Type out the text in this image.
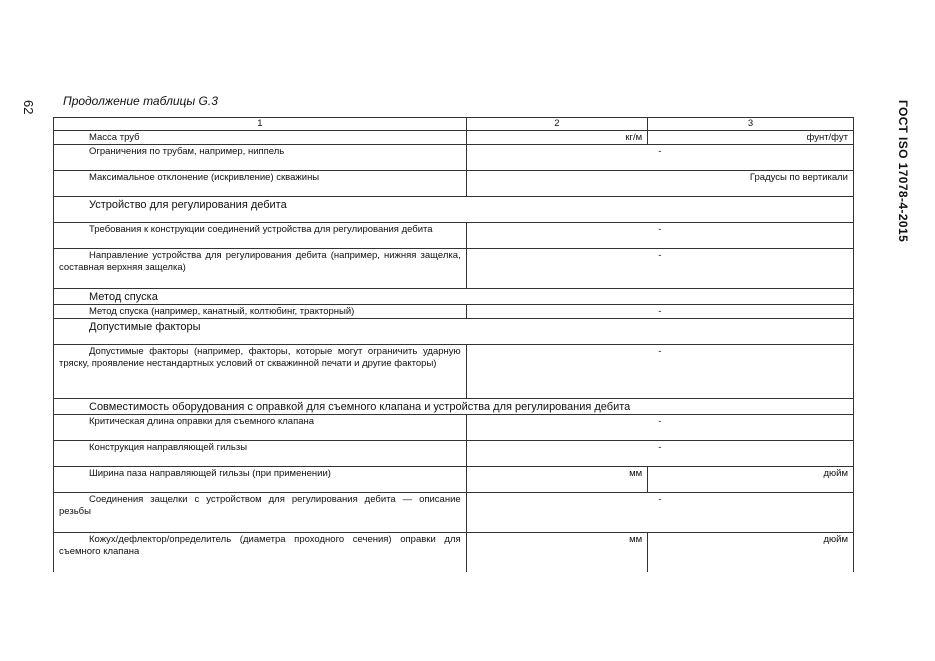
62	ГОСТ ISO 17078-4-2015
Продолжение таблицы G.3
1	2	3
Масса труб	кг/м	фунт/фут
Ограничения по трубам, например, ниппель	-	
Максимальное отклонение (искривление) скважины	Градусы по вертикали	
Устройство для регулирования дебита		
Требования к конструкции соединений устройства для регулирования дебита	-	
Направление устройства для регулирования дебита (например, нижняя защелка, составная верхняя защелка)	-	
Метод спуска		
Метод спуска (например, канатный, колтюбинг, тракторный)	-	
Допустимые факторы		
Допустимые факторы (например, факторы, которые могут ограничить ударную тряску, проявление нестандартных условий от скважинной печати и другие факторы)	-	
Совместимость оборудования с оправкой для съемного клапана и устройства для регулирования дебита		
Критическая длина оправки для съемного клапана	-	
Конструкция направляющей гильзы	-	
Ширина паза направляющей гильзы (при применении)	мм	дюйм
Соединения защелки с устройством для регулирования дебита — описание резьбы	-	
Кожух/дефлектор/определитель (диаметра проходного сечения) оправки для съемного клапана	мм	дюйм
